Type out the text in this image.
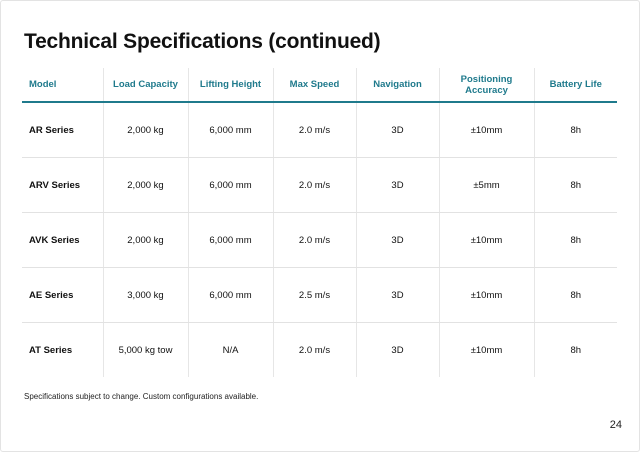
Technical Specifications (continued)
Model	Load Capacity	Lifting Height	Max Speed	Navigation	Positioning Accuracy	Battery Life
AR Series	2,000 kg	6,000 mm	2.0 m/s	3D	±10mm	8h
ARV Series	2,000 kg	6,000 mm	2.0 m/s	3D	±5mm	8h
AVK Series	2,000 kg	6,000 mm	2.0 m/s	3D	±10mm	8h
AE Series	3,000 kg	6,000 mm	2.5 m/s	3D	±10mm	8h
AT Series	5,000 kg tow	N/A	2.0 m/s	3D	±10mm	8h
Specifications subject to change. Custom configurations available.
24
